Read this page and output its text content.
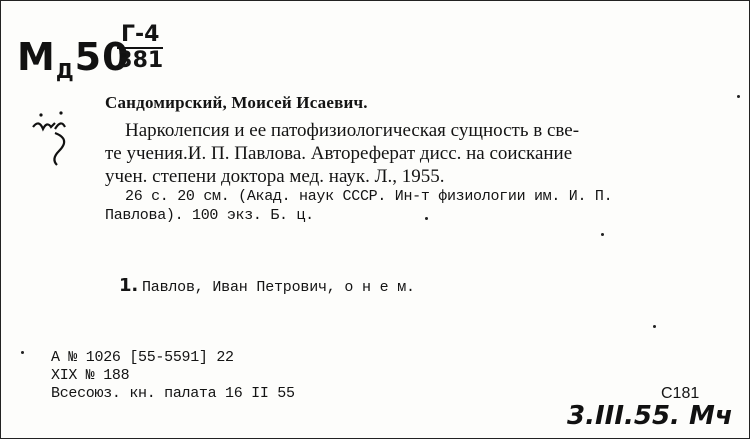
$M_Д50$
Г-4
381
Сандомирский, Моисей Исаевич.
Нарколепсия и ее патофизиологическая сущность в све-
те учения.И. П. Павлова. Автореферат дисс. на соискание
учен. степени доктора мед. наук. Л., 1955.
26 с. 20 см. (Акад. наук СССР. Ин-т физиологии им. И. П.
Павлова). 100 экз. Б. ц.
1. Павлов, Иван Петрович, о н е м.
А № 1026 [55-5591] 22
XIX № 188
Всесоюз. кн. палата 16 II 55	С181
3.III.55. Мч
